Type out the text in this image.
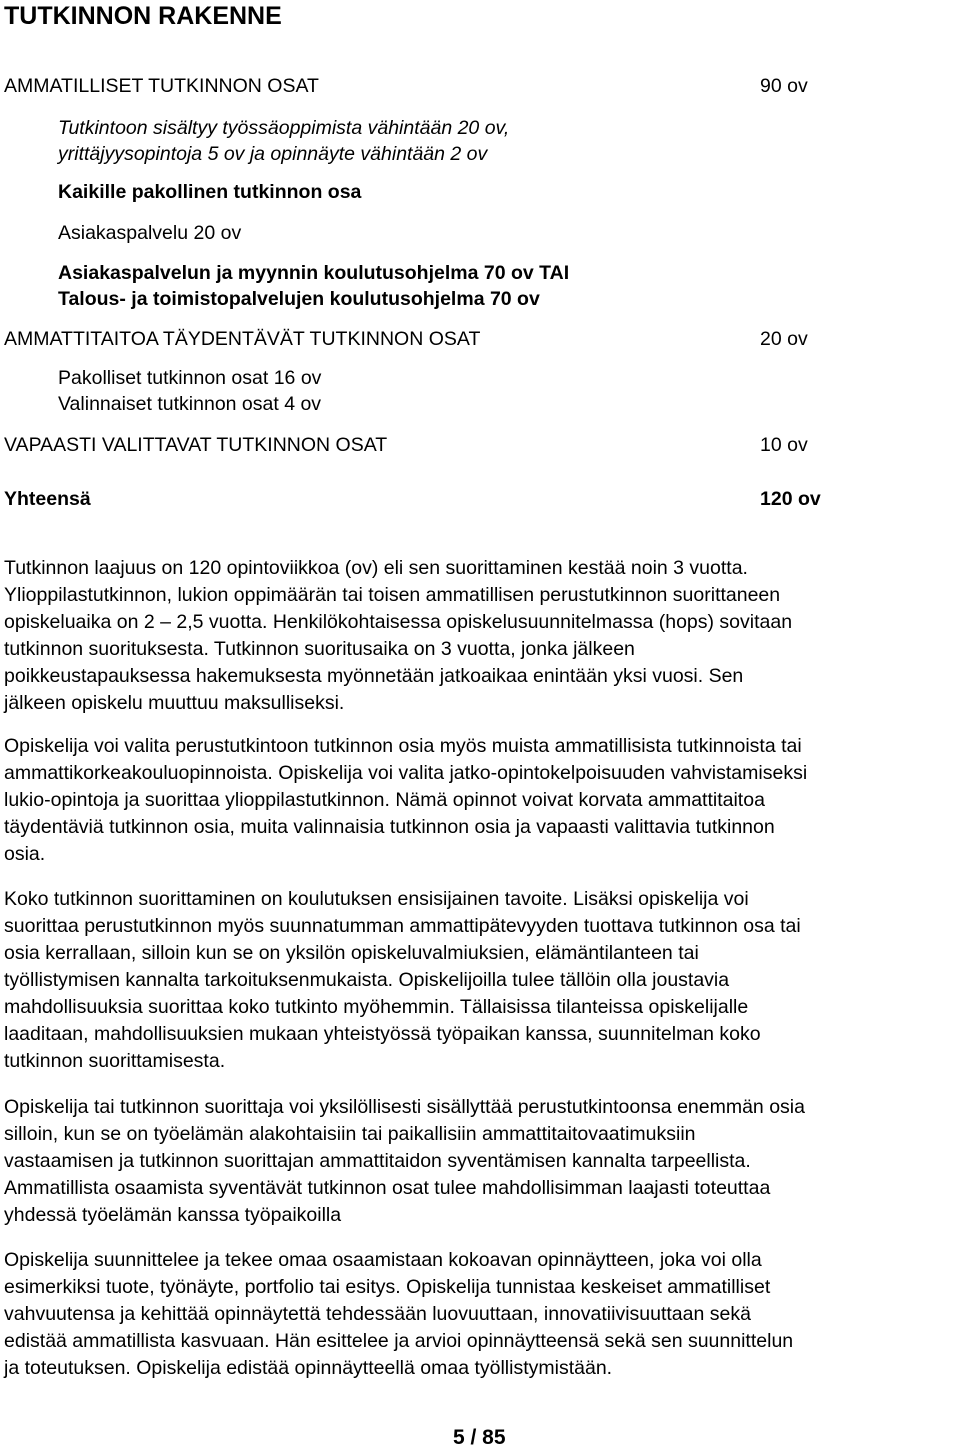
TUTKINNON RAKENNE
AMMATILLISET TUTKINNON OSAT	90 ov
Tutkintoon sisältyy työssäoppimista vähintään 20 ov,
yrittäjyysopintoja 5 ov ja opinnäyte vähintään 2 ov
Kaikille pakollinen tutkinnon osa
Asiakaspalvelu 20 ov
Asiakaspalvelun ja myynnin koulutusohjelma 70 ov TAI
Talous- ja toimistopalvelujen koulutusohjelma 70 ov
AMMATTITAITOA TÄYDENTÄVÄT TUTKINNON OSAT	20 ov
Pakolliset tutkinnon osat 16 ov
Valinnaiset tutkinnon osat 4 ov
VAPAASTI VALITTAVAT TUTKINNON OSAT	10 ov
Yhteensä	120 ov

Tutkinnon laajuus on 120 opintoviikkoa (ov) eli sen suorittaminen kestää noin 3 vuotta.
Ylioppilastutkinnon, lukion oppimäärän tai toisen ammatillisen perustutkinnon suorittaneen
opiskeluaika on 2 – 2,5 vuotta. Henkilökohtaisessa opiskelusuunnitelmassa (hops) sovitaan
tutkinnon suorituksesta. Tutkinnon suoritusaika on 3 vuotta, jonka jälkeen
poikkeustapauksessa hakemuksesta myönnetään jatkoaikaa enintään yksi vuosi. Sen
jälkeen opiskelu muuttuu maksulliseksi.

Opiskelija voi valita perustutkintoon tutkinnon osia myös muista ammatillisista tutkinnoista tai
ammattikorkeakouluopinnoista. Opiskelija voi valita jatko-opintokelpoisuuden vahvistamiseksi
lukio-opintoja ja suorittaa ylioppilastutkinnon. Nämä opinnot voivat korvata ammattitaitoa
täydentäviä tutkinnon osia, muita valinnaisia tutkinnon osia ja vapaasti valittavia tutkinnon
osia.

Koko tutkinnon suorittaminen on koulutuksen ensisijainen tavoite. Lisäksi opiskelija voi
suorittaa perustutkinnon myös suunnatumman ammattipätevyyden tuottava tutkinnon osa tai
osia kerrallaan, silloin kun se on yksilön opiskeluvalmiuksien, elämäntilanteen tai
työllistymisen kannalta tarkoituksenmukaista. Opiskelijoilla tulee tällöin olla joustavia
mahdollisuuksia suorittaa koko tutkinto myöhemmin. Tällaisissa tilanteissa opiskelijalle
laaditaan, mahdollisuuksien mukaan yhteistyössä työpaikan kanssa, suunnitelman koko
tutkinnon suorittamisesta.

Opiskelija tai tutkinnon suorittaja voi yksilöllisesti sisällyttää perustutkintoonsa enemmän osia
silloin, kun se on työelämän alakohtaisiin tai paikallisiin ammattitaitovaatimuksiin
vastaamisen ja tutkinnon suorittajan ammattitaidon syventämisen kannalta tarpeellista.
Ammatillista osaamista syventävät tutkinnon osat tulee mahdollisimman laajasti toteuttaa
yhdessä työelämän kanssa työpaikoilla

Opiskelija suunnittelee ja tekee omaa osaamistaan kokoavan opinnäytteen, joka voi olla
esimerkiksi tuote, työnäyte, portfolio tai esitys. Opiskelija tunnistaa keskeiset ammatilliset
vahvuutensa ja kehittää opinnäytettä tehdessään luovuuttaan, innovatiivisuuttaan sekä
edistää ammatillista kasvuaan. Hän esittelee ja arvioi opinnäytteensä sekä sen suunnittelun
ja toteutuksen. Opiskelija edistää opinnäytteellä omaa työllistymistään.

5 / 85
